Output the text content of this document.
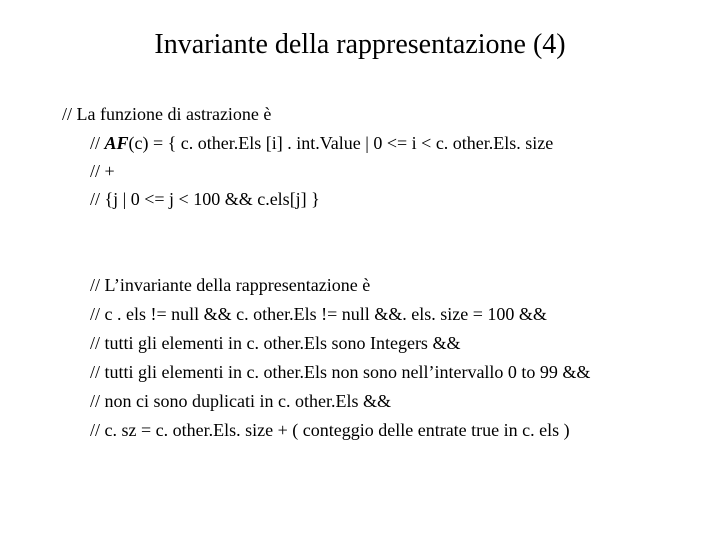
Invariante della rappresentazione (4)
// La funzione di astrazione è
// AF(c) = { c. other.Els [i] . int.Value | 0 <= i < c. other.Els. size
// +
// {j | 0 <= j < 100 && c.els[j] }
// L’invariante della rappresentazione è
// c . els != null && c. other.Els != null &&. els. size = 100 &&
// tutti gli elementi in c. other.Els sono Integers &&
// tutti gli elementi in c. other.Els non sono nell’intervallo 0 to 99 &&
// non ci sono duplicati in c. other.Els &&
// c. sz = c. other.Els. size + ( conteggio delle entrate true in c. els )
